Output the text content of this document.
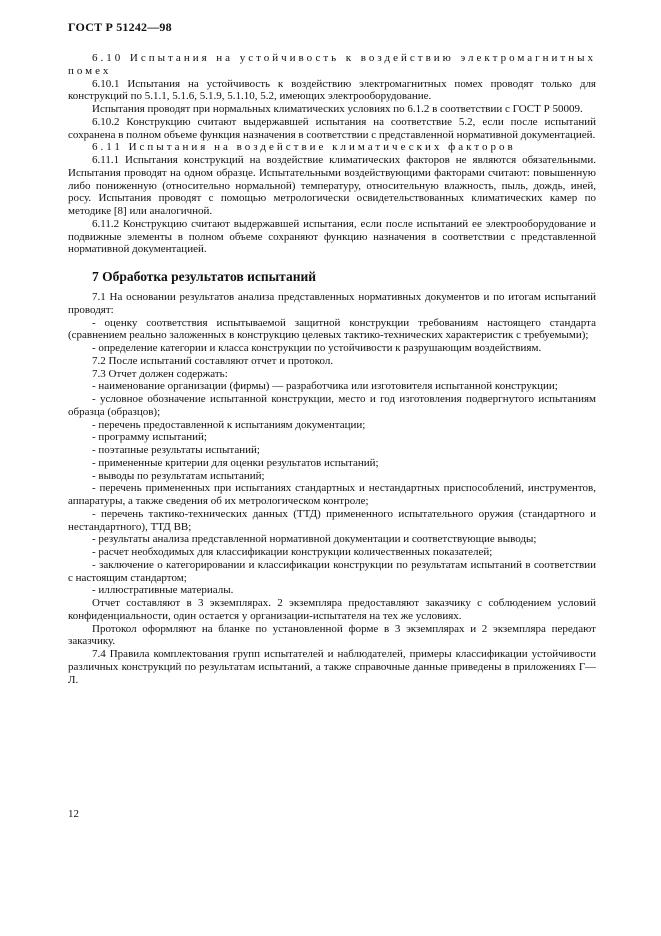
ГОСТ Р 51242—98

6.10 Испытания на устойчивость к воздействию электромагнитных помех

6.10.1 Испытания на устойчивость к воздействию электромагнитных помех проводят только для конструкций по 5.1.1, 5.1.6, 5.1.9, 5.1.10, 5.2, имеющих электрооборудование.

Испытания проводят при нормальных климатических условиях по 6.1.2 в соответствии с ГОСТ Р 50009.

6.10.2 Конструкцию считают выдержавшей испытания на соответствие 5.2, если после испытаний сохранена в полном объеме функция назначения в соответствии с представленной нормативной документацией.

6.11 Испытания на воздействие климатических факторов

6.11.1 Испытания конструкций на воздействие климатических факторов не являются обязательными. Испытания проводят на одном образце. Испытательными воздействующими факторами считают: повышенную либо пониженную (относительно нормальной) температуру, относительную влажность, пыль, дождь, иней, росу. Испытания проводят с помощью метрологически освидетельствованных климатических камер по методике [8] или аналогичной.

6.11.2 Конструкцию считают выдержавшей испытания, если после испытаний ее электрооборудование и подвижные элементы в полном объеме сохраняют функцию назначения в соответствии с представленной нормативной документацией.

7 Обработка результатов испытаний

7.1 На основании результатов анализа представленных нормативных документов и по итогам испытаний проводят:

- оценку соответствия испытываемой защитной конструкции требованиям настоящего стандарта (сравнением реально заложенных в конструкцию целевых тактико-технических характеристик с требуемыми);

- определение категории и класса конструкции по устойчивости к разрушающим воздействиям.

7.2 После испытаний составляют отчет и протокол.

7.3 Отчет должен содержать:

- наименование организации (фирмы) — разработчика или изготовителя испытанной конструкции;

- условное обозначение испытанной конструкции, место и год изготовления подвергнутого испытаниям образца (образцов);

- перечень предоставленной к испытаниям документации;

- программу испытаний;

- поэтапные результаты испытаний;

- примененные критерии для оценки результатов испытаний;

- выводы по результатам испытаний;

- перечень примененных при испытаниях стандартных и нестандартных приспособлений, инструментов, аппаратуры, а также сведения об их метрологическом контроле;

- перечень тактико-технических данных (ТТД) примененного испытательного оружия (стандартного и нестандартного), ТТД ВВ;

- результаты анализа представленной нормативной документации и соответствующие выводы;

- расчет необходимых для классификации конструкции количественных показателей;

- заключение о категорировании и классификации конструкции по результатам испытаний в соответствии с настоящим стандартом;

- иллюстративные материалы.

Отчет составляют в 3 экземплярах. 2 экземпляра предоставляют заказчику с соблюдением условий конфиденциальности, один остается у организации-испытателя на тех же условиях.

Протокол оформляют на бланке по установленной форме в 3 экземплярах и 2 экземпляра передают заказчику.

7.4 Правила комплектования групп испытателей и наблюдателей, примеры классификации устойчивости различных конструкций по результатам испытаний, а также справочные данные приведены в приложениях Г—Л.

12
